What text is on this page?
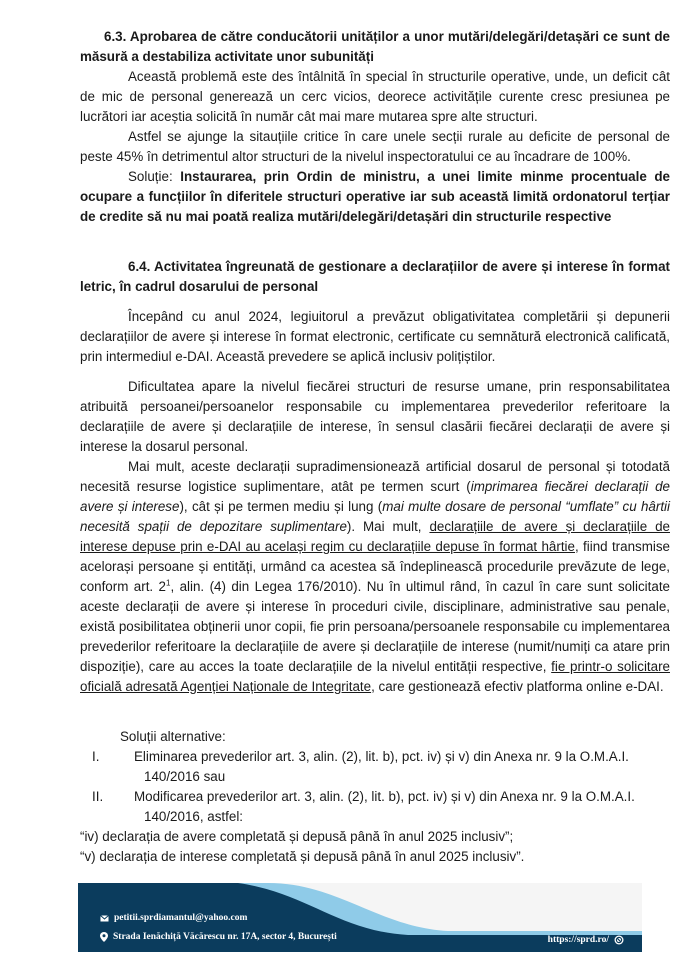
6.3. Aprobarea de către conducătorii unităților a unor mutări/delegări/detașări ce sunt de măsură a destabiliza activitate unor subunități

Această problemă este des întâlnită în special în structurile operative, unde, un deficit cât de mic de personal generează un cerc vicios, deorece activitățile curente cresc presiunea pe lucrători iar aceștia solicită în număr cât mai mare mutarea spre alte structuri.

Astfel se ajunge la sitauțiile critice în care unele secții rurale au deficite de personal de peste 45% în detrimentul altor structuri de la nivelul inspectoratului ce au încadrare de 100%.

Soluție: Instaurarea, prin Ordin de ministru, a unei limite minme procentuale de ocupare a funcțiilor în diferitele structuri operative iar sub această limită ordonatorul terțiar de credite să nu mai poată realiza mutări/delegări/detașări din structurile respective

6.4. Activitatea îngreunată de gestionare a declarațiilor de avere și interese în format letric, în cadrul dosarului de personal

Începând cu anul 2024, legiuitorul a prevăzut obligativitatea completării și depunerii declarațiilor de avere și interese în format electronic, certificate cu semnătură electronică calificată, prin intermediul e-DAI. Această prevedere se aplică inclusiv polițiștilor.

Dificultatea apare la nivelul fiecărei structuri de resurse umane, prin responsabilitatea atribuită persoanei/persoanelor responsabile cu implementarea prevederilor referitoare la declarațiile de avere și declarațiile de interese, în sensul clasării fiecărei declarații de avere și interese la dosarul personal.

Mai mult, aceste declarații supradimensionează artificial dosarul de personal și totodată necesită resurse logistice suplimentare, atât pe termen scurt (imprimarea fiecărei declarații de avere și interese), cât și pe termen mediu și lung (mai multe dosare de personal “umflate” cu hârtii necesită spații de depozitare suplimentare). Mai mult, declarațiile de avere și declarațiile de interese depuse prin e-DAI au același regim cu declarațiile depuse în format hârtie, fiind transmise acelorași persoane și entități, urmând ca acestea să îndeplinească procedurile prevăzute de lege, conform art. $2^1$, alin. (4) din Legea 176/2010). Nu în ultimul rând, în cazul în care sunt solicitate aceste declarații de avere și interese în proceduri civile, disciplinare, administrative sau penale, există posibilitatea obținerii unor copii, fie prin persoana/persoanele responsabile cu implementarea prevederilor referitoare la declarațiile de avere și declarațiile de interese (numit/numiți ca atare prin dispoziție), care au acces la toate declarațiile de la nivelul entității respective, fie printr-o solicitare oficială adresată Agenției Naționale de Integritate, care gestionează efectiv platforma online e-DAI.

Soluții alternative:

I.	Eliminarea prevederilor art. 3, alin. (2), lit. b), pct. iv) și v) din Anexa nr. 9 la O.M.A.I.
140/2016 sau
II. Modificarea prevederilor art. 3, alin. (2), lit. b), pct. iv) și v) din Anexa nr. 9 la O.M.A.I.
140/2016, astfel:

“iv) declarația de avere completată și depusă până în anul 2025 inclusiv”;

“v) declarația de interese completată și depusă până în anul 2025 inclusiv”.

petitii.sprdiamantul@yahoo.com
Strada Ienăchiță Văcărescu nr. 17A, sector 4, București	https://sprd.ro/
